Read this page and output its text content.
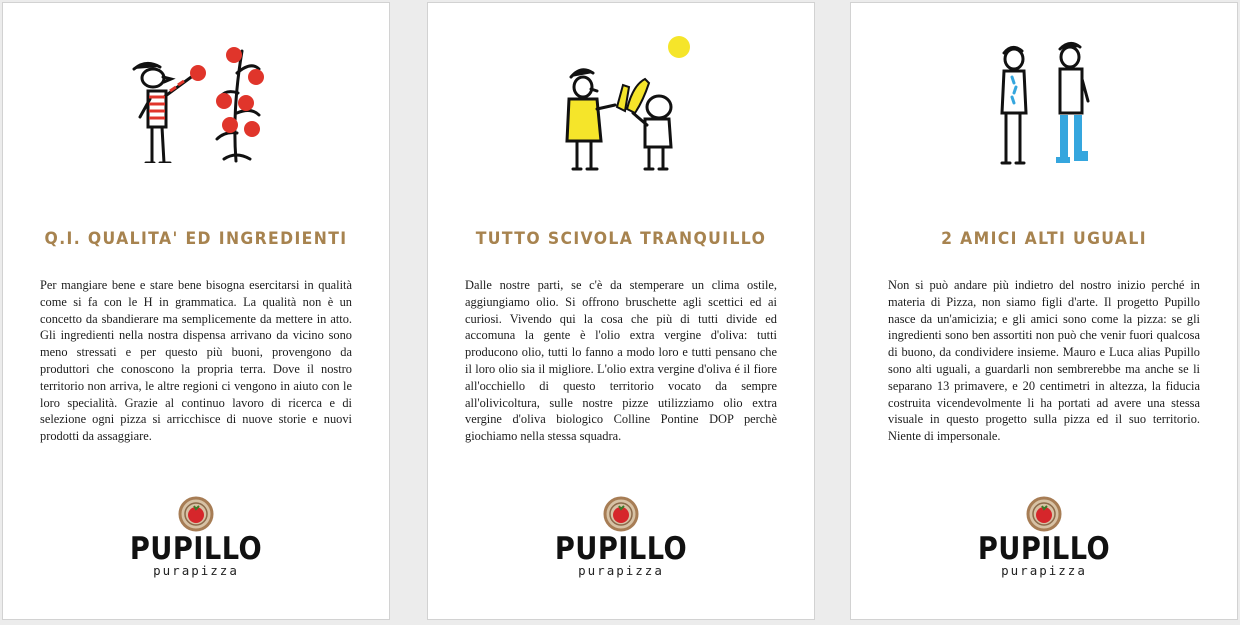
Q.I. QUALITA' ED INGREDIENTI
Per mangiare bene e stare bene bisogna esercitarsi in qualità come si fa con le H in grammatica. La qualità non è un concetto da sbandierare ma semplicemente da mettere in atto. Gli ingredienti nella nostra dispensa arrivano da vicino sono meno stressati e per questo più buoni, provengono da produttori che conoscono la propria terra. Dove il nostro territorio non arriva, le altre regioni ci vengono in aiuto con le loro specialità. Grazie al continuo lavoro di ricerca e di selezione ogni pizza si arricchisce di nuove storie e nuovi prodotti da assaggiare.
PUPILLO
purapizza
TUTTO SCIVOLA TRANQUILLO
Dalle nostre parti, se c'è da stemperare un clima ostile, aggiungiamo olio. Si offrono bruschette agli scettici ed ai curiosi. Vivendo qui la cosa che più di tutti divide ed accomuna la gente è l'olio extra vergine d'oliva: tutti producono olio, tutti lo fanno a modo loro e tutti pensano che il loro olio sia il migliore. L'olio extra vergine d'oliva é il fiore all'occhiello di questo territorio vocato da sempre all'olivicoltura, sulle nostre pizze utilizziamo olio extra vergine d'oliva biologico Colline Pontine DOP perchè giochiamo nella stessa squadra.
PUPILLO
purapizza
2 AMICI ALTI UGUALI
Non si può andare più indietro del nostro inizio perché in materia di Pizza, non siamo figli d'arte. Il progetto Pupillo nasce da un'amicizia; e gli amici sono come la pizza: se gli ingredienti sono ben assortiti non può che venir fuori qualcosa di buono, da condividere insieme. Mauro e Luca alias Pupillo sono alti uguali, a guardarli non sembrerebbe ma anche se li separano 13 primavere, e 20 centimetri in altezza, la fiducia costruita vicendevolmente li ha portati ad avere una stessa visuale in questo progetto sulla pizza ed il suo territorio. Niente di impersonale.
PUPILLO
purapizza
